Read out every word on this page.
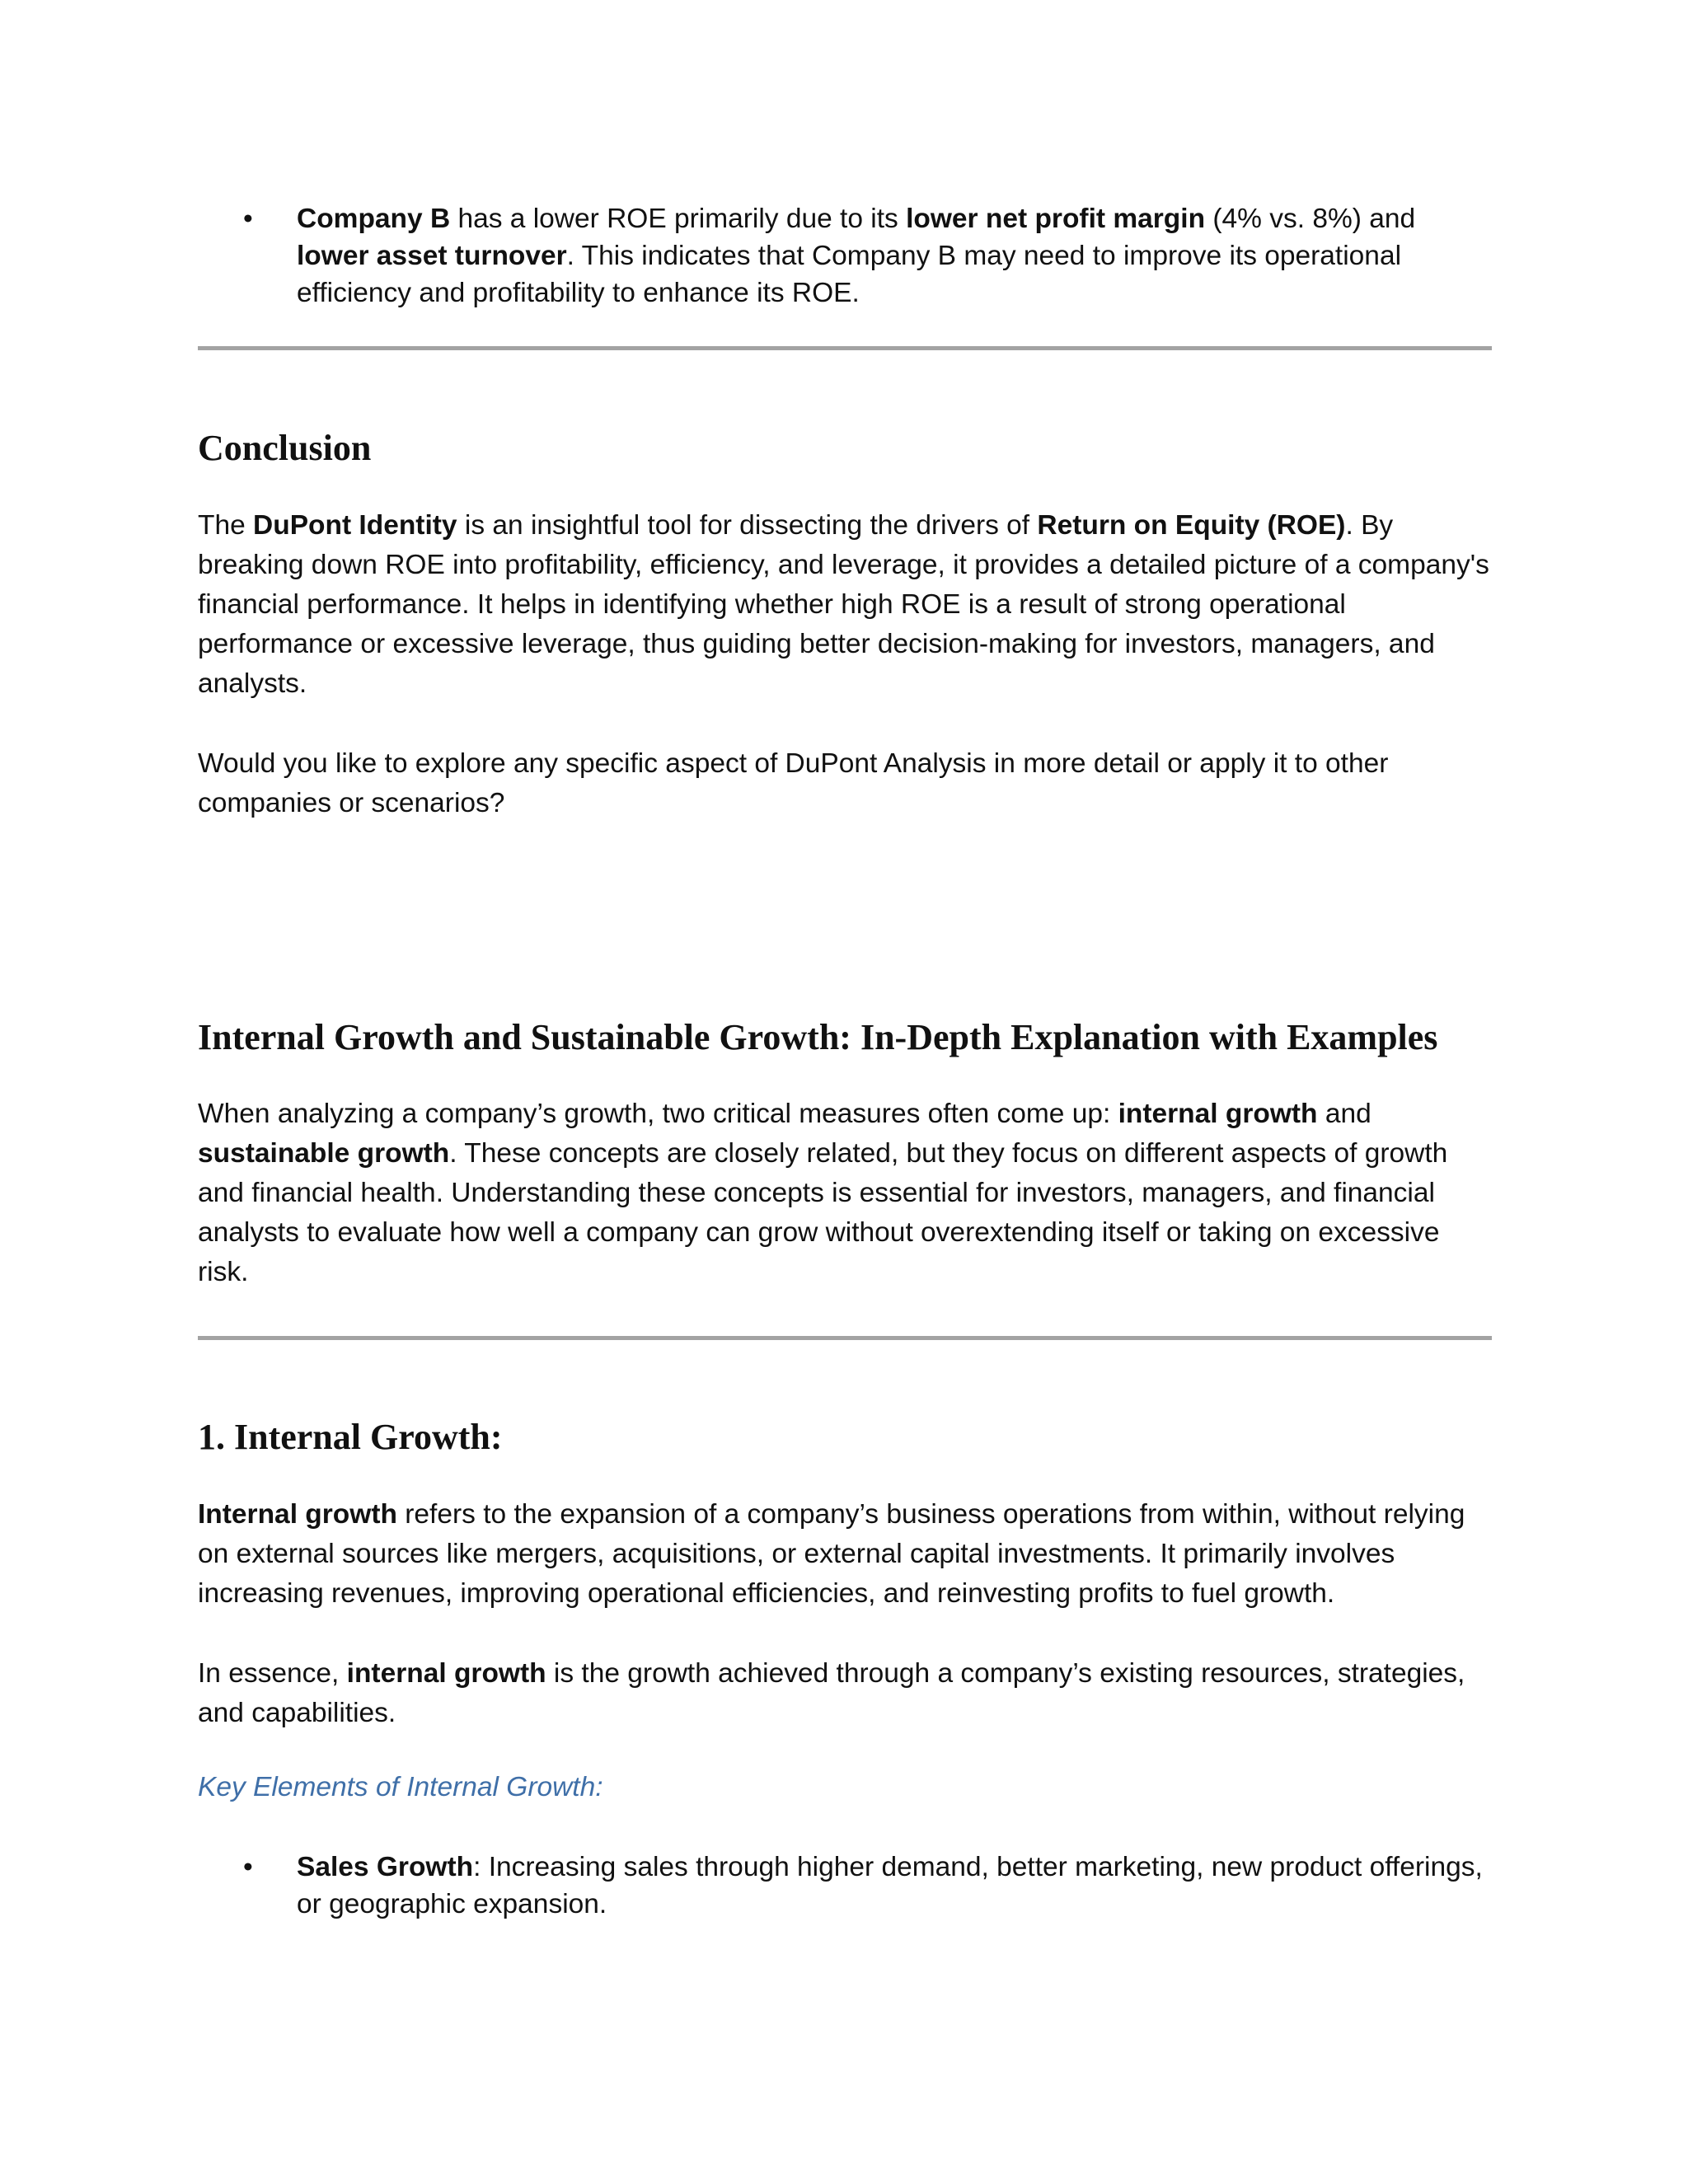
• Company B has a lower ROE primarily due to its lower net profit margin (4% vs. 8%) and lower asset turnover. This indicates that Company B may need to improve its operational efficiency and profitability to enhance its ROE.

Conclusion

The DuPont Identity is an insightful tool for dissecting the drivers of Return on Equity (ROE). By breaking down ROE into profitability, efficiency, and leverage, it provides a detailed picture of a company's financial performance. It helps in identifying whether high ROE is a result of strong operational performance or excessive leverage, thus guiding better decision-making for investors, managers, and analysts.

Would you like to explore any specific aspect of DuPont Analysis in more detail or apply it to other companies or scenarios?

Internal Growth and Sustainable Growth: In-Depth Explanation with Examples

When analyzing a company’s growth, two critical measures often come up: internal growth and sustainable growth. These concepts are closely related, but they focus on different aspects of growth and financial health. Understanding these concepts is essential for investors, managers, and financial analysts to evaluate how well a company can grow without overextending itself or taking on excessive risk.

1. Internal Growth:

Internal growth refers to the expansion of a company’s business operations from within, without relying on external sources like mergers, acquisitions, or external capital investments. It primarily involves increasing revenues, improving operational efficiencies, and reinvesting profits to fuel growth.

In essence, internal growth is the growth achieved through a company’s existing resources, strategies, and capabilities.

Key Elements of Internal Growth:

• Sales Growth: Increasing sales through higher demand, better marketing, new product offerings, or geographic expansion.
